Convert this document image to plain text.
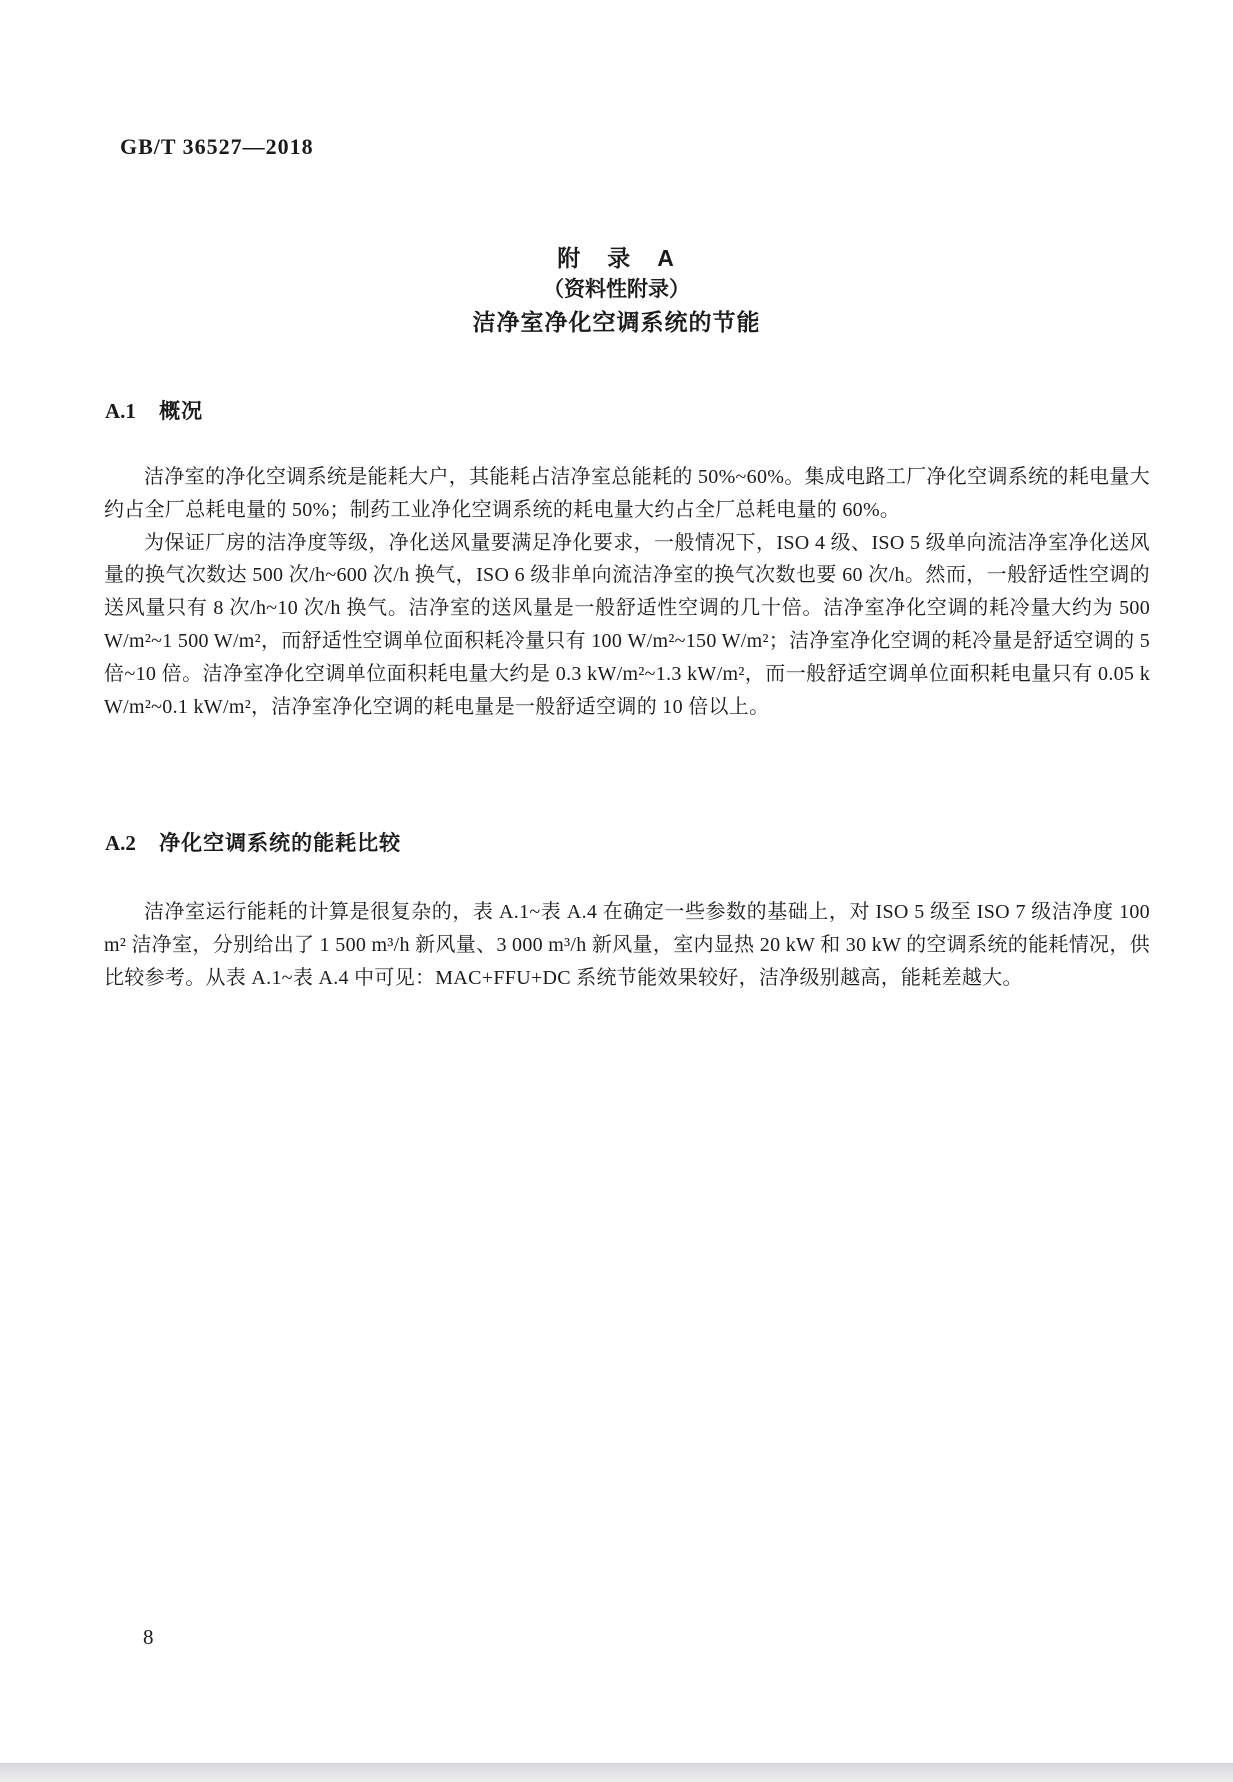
GB/T 36527—2018
附　录　A
（资料性附录）
洁净室净化空调系统的节能
A.1 概况

洁净室的净化空调系统是能耗大户，其能耗占洁净室总能耗的 50%~60%。集成电路工厂净化空调系统的耗电量大约占全厂总耗电量的 50%；制药工业净化空调系统的耗电量大约占全厂总耗电量的 60%。

为保证厂房的洁净度等级，净化送风量要满足净化要求，一般情况下，ISO 4 级、ISO 5 级单向流洁净室净化送风量的换气次数达 500 次/h~600 次/h 换气，ISO 6 级非单向流洁净室的换气次数也要 60 次/h。然而，一般舒适性空调的送风量只有 8 次/h~10 次/h 换气。洁净室的送风量是一般舒适性空调的几十倍。洁净室净化空调的耗冷量大约为 500 W/m²~1 500 W/m²，而舒适性空调单位面积耗冷量只有 100 W/m²~150 W/m²；洁净室净化空调的耗冷量是舒适空调的 5 倍~10 倍。洁净室净化空调单位面积耗电量大约是 0.3 kW/m²~1.3 kW/m²，而一般舒适空调单位面积耗电量只有 0.05 kW/m²~0.1 kW/m²，洁净室净化空调的耗电量是一般舒适空调的 10 倍以上。

A.2 净化空调系统的能耗比较

洁净室运行能耗的计算是很复杂的，表 A.1~表 A.4 在确定一些参数的基础上，对 ISO 5 级至 ISO 7 级洁净度 100 m² 洁净室，分别给出了 1 500 m³/h 新风量、3 000 m³/h 新风量，室内显热 20 kW 和 30 kW 的空调系统的能耗情况，供比较参考。从表 A.1~表 A.4 中可见：MAC+FFU+DC 系统节能效果较好，洁净级别越高，能耗差越大。

8
